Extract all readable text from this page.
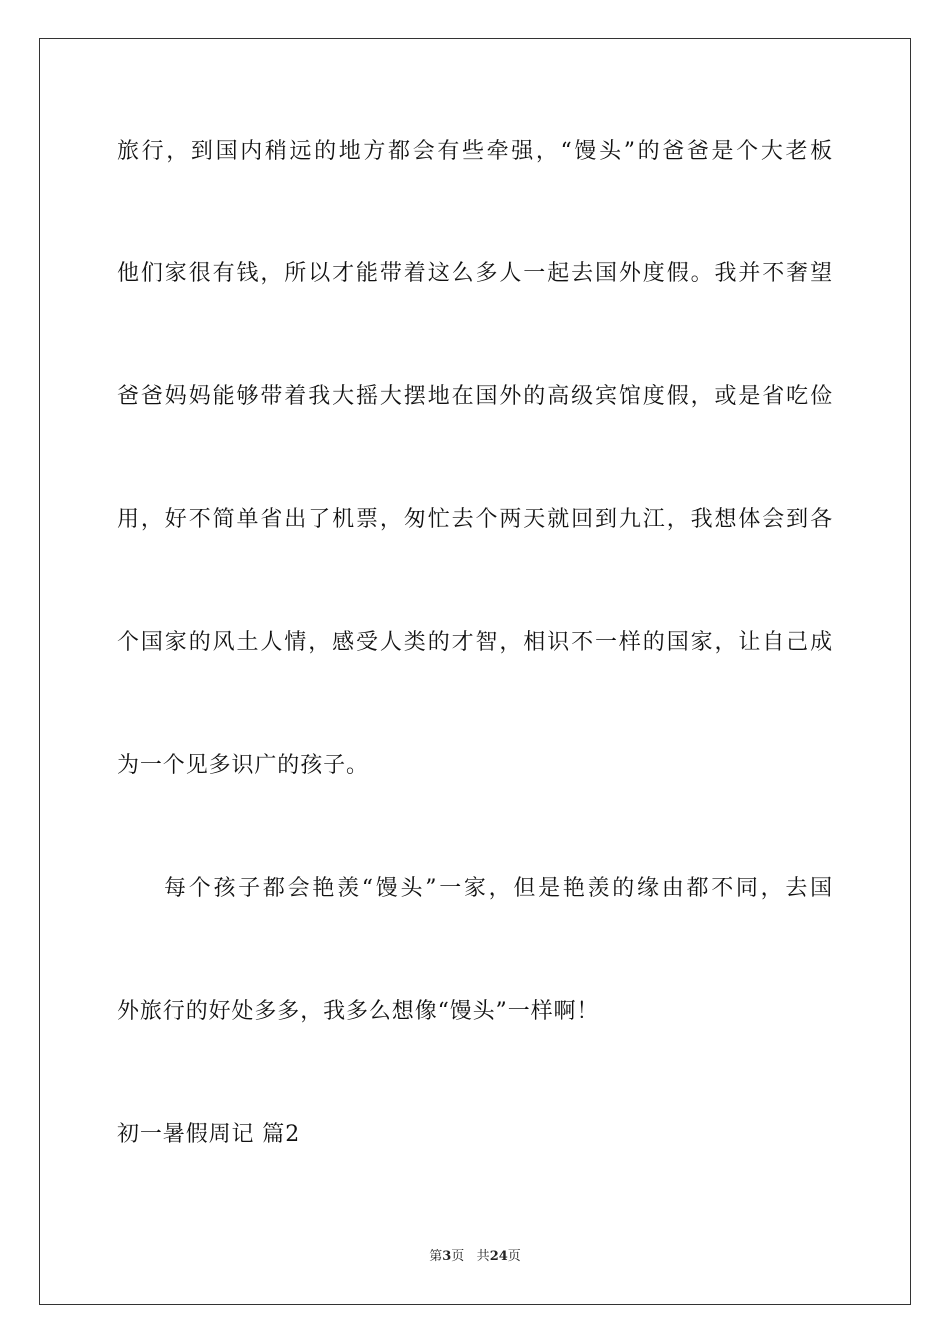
旅行，到国内稍远的地方都会有些牵强，“馒头”的爸爸是个大老板
他们家很有钱，所以才能带着这么多人一起去国外度假。我并不奢望
爸爸妈妈能够带着我大摇大摆地在国外的高级宾馆度假，或是省吃俭
用，好不简单省出了机票，匆忙去个两天就回到九江，我想体会到各
个国家的风土人情，感受人类的才智，相识不一样的国家，让自己成
为一个见多识广的孩子。
每个孩子都会艳羡“馒头”一家，但是艳羡的缘由都不同，去国
外旅行的好处多多，我多么想像“馒头”一样啊！
初一暑假周记 篇2
第3页 共24页
